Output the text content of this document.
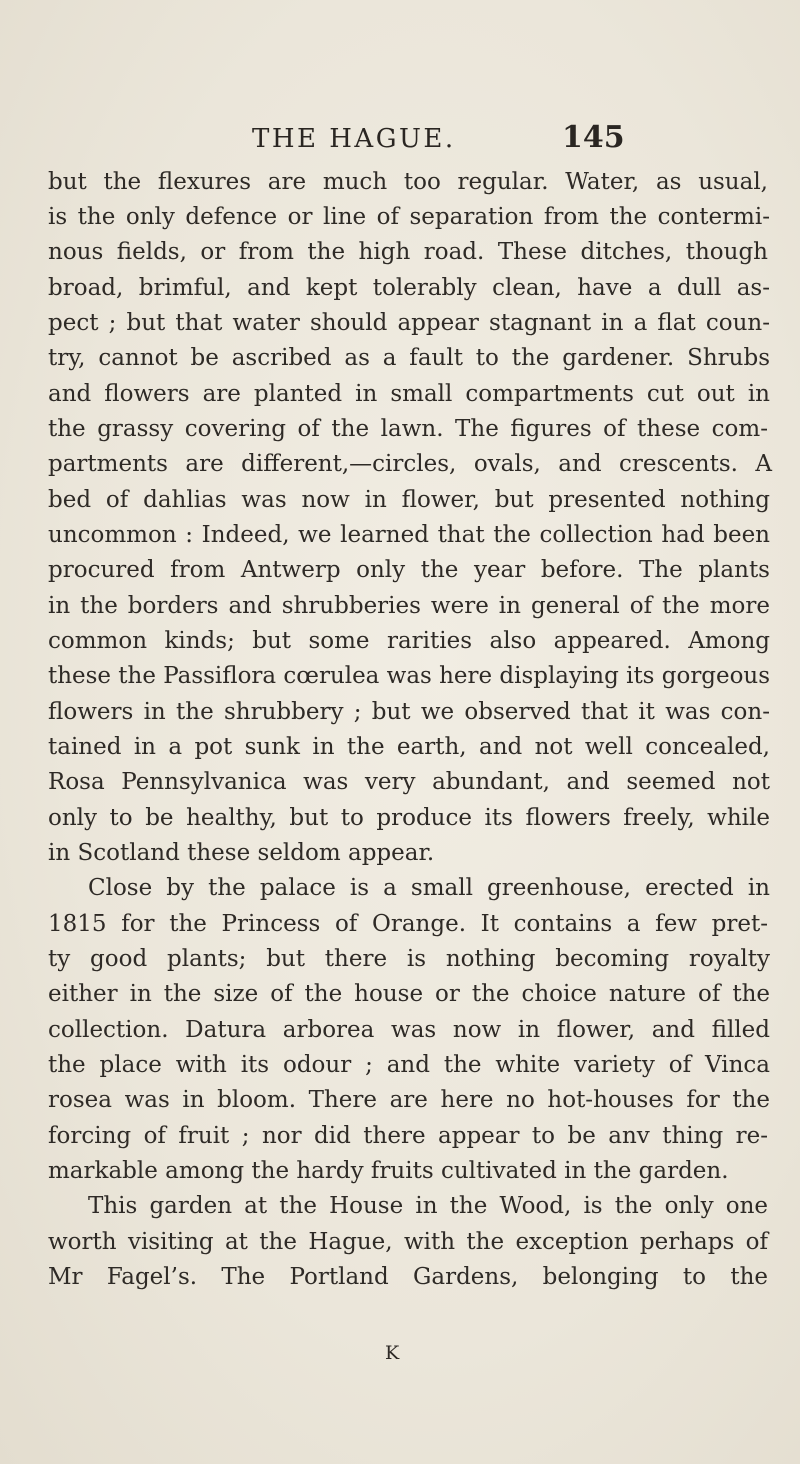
THE HAGUE.	145
but the flexures are much too regular. Water, as usual,
is the only defence or line of separation from the contermi-
nous fields, or from the high road. These ditches, though
broad, brimful, and kept tolerably clean, have a dull as-
pect ; but that water should appear stagnant in a flat coun-
try, cannot be ascribed as a fault to the gardener. Shrubs
and flowers are planted in small compartments cut out in
the grassy covering of the lawn. The figures of these com-
partments are different,—circles, ovals, and crescents. A
bed of dahlias was now in flower, but presented nothing
uncommon : Indeed, we learned that the collection had been
procured from Antwerp only the year before. The plants
in the borders and shrubberies were in general of the more
common kinds; but some rarities also appeared. Among
these the Passiflora cœrulea was here displaying its gorgeous
flowers in the shrubbery ; but we observed that it was con-
tained in a pot sunk in the earth, and not well concealed,
Rosa Pennsylvanica was very abundant, and seemed not
only to be healthy, but to produce its flowers freely, while
in Scotland these seldom appear.
Close by the palace is a small greenhouse, erected in
1815 for the Princess of Orange. It contains a few pret-
ty good plants; but there is nothing becoming royalty
either in the size of the house or the choice nature of the
collection. Datura arborea was now in flower, and filled
the place with its odour ; and the white variety of Vinca
rosea was in bloom. There are here no hot-houses for the
forcing of fruit ; nor did there appear to be anv thing re-
markable among the hardy fruits cultivated in the garden.
This garden at the House in the Wood, is the only one
worth visiting at the Hague, with the exception perhaps of
Mr Fagel’s. The Portland Gardens, belonging to the
K
